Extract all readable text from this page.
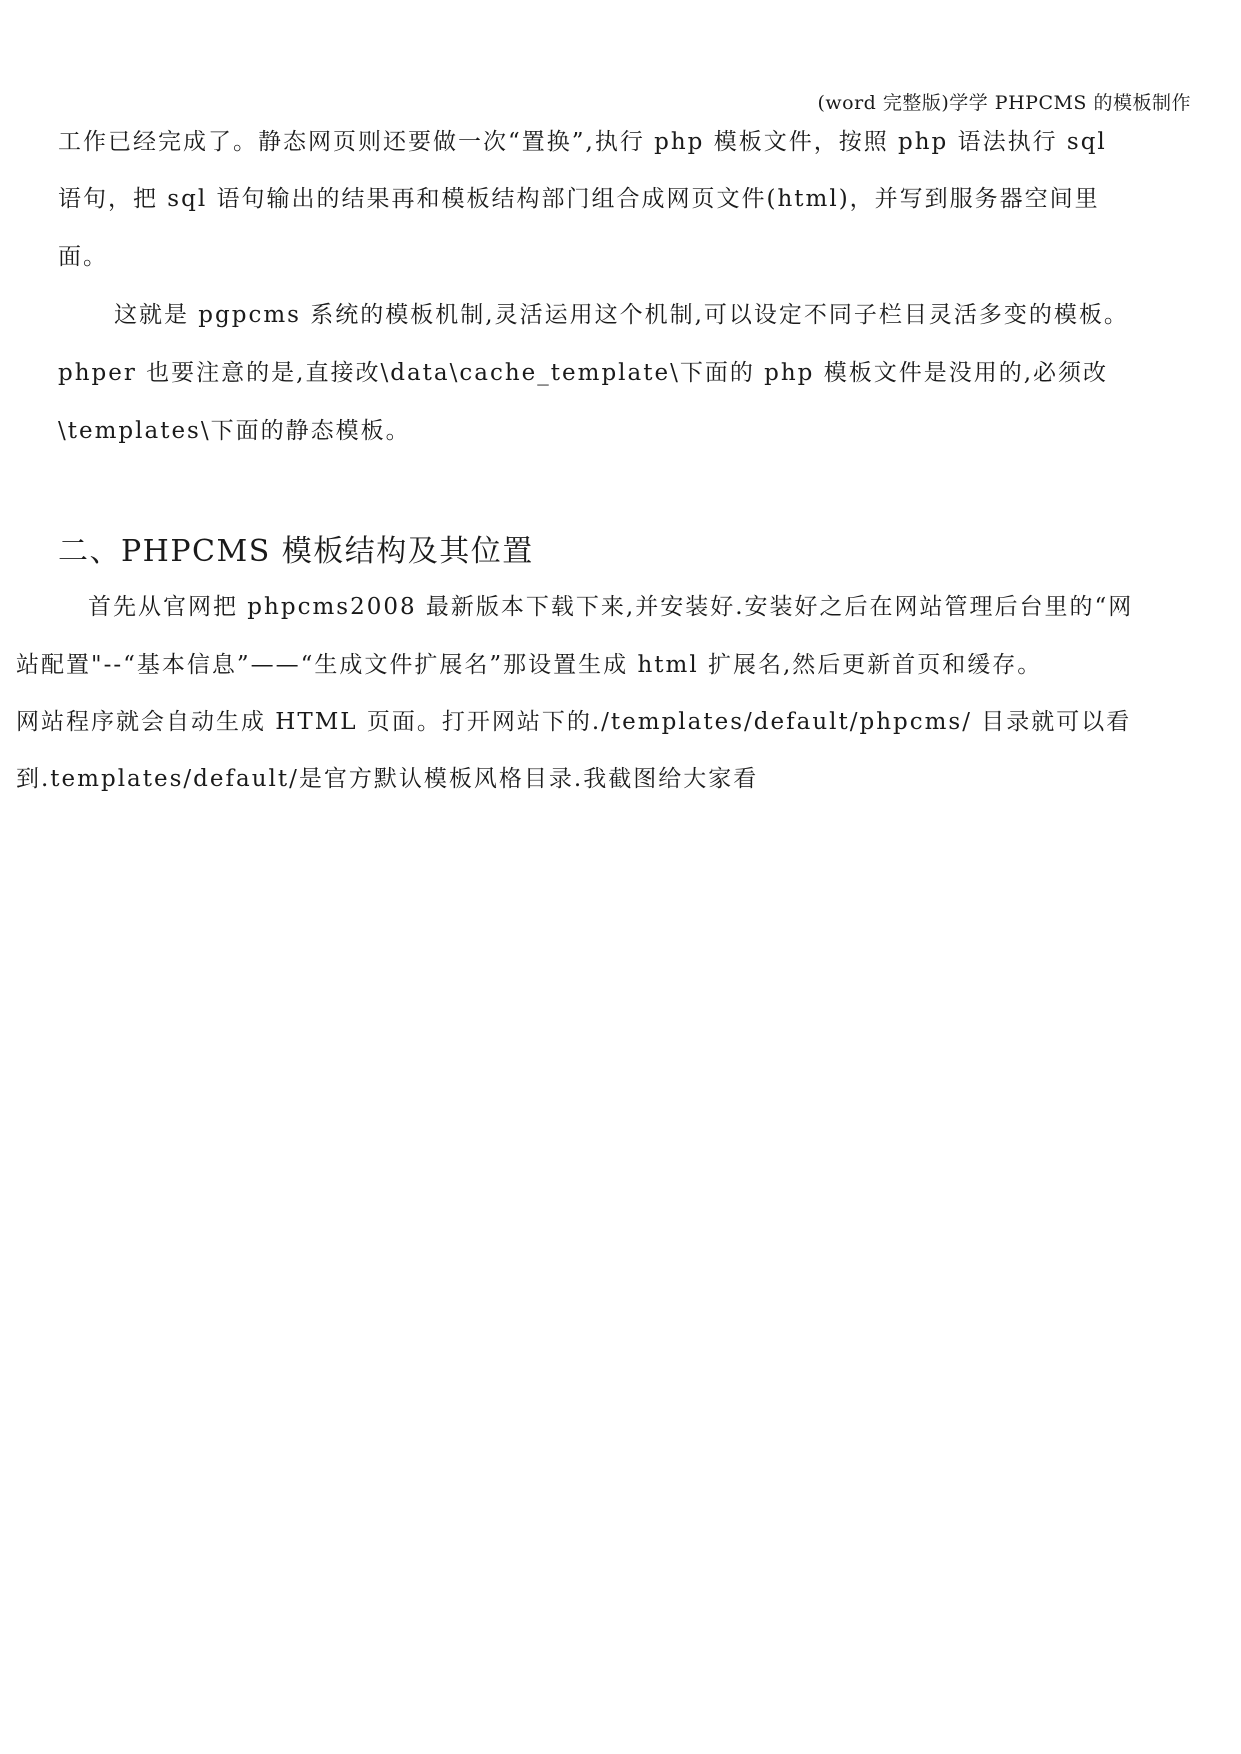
(word 完整版)学学 PHPCMS 的模板制作
工作已经完成了。静态网页则还要做一次“置换”,执行 php 模板文件，按照 php 语法执行 sql
语句，把 sql 语句输出的结果再和模板结构部门组合成网页文件(html)，并写到服务器空间里
面。
这就是 pgpcms 系统的模板机制,灵活运用这个机制,可以设定不同子栏目灵活多变的模板。
phper 也要注意的是,直接改\data\cache_template\下面的 php 模板文件是没用的,必须改
\templates\下面的静态模板。
二、PHPCMS 模板结构及其位置
首先从官网把 phpcms2008 最新版本下载下来,并安装好.安装好之后在网站管理后台里的“网
站配置"--“基本信息”——“生成文件扩展名”那设置生成 html 扩展名,然后更新首页和缓存。
网站程序就会自动生成 HTML 页面。打开网站下的./templates/default/phpcms/ 目录就可以看
到.templates/default/是官方默认模板风格目录.我截图给大家看
